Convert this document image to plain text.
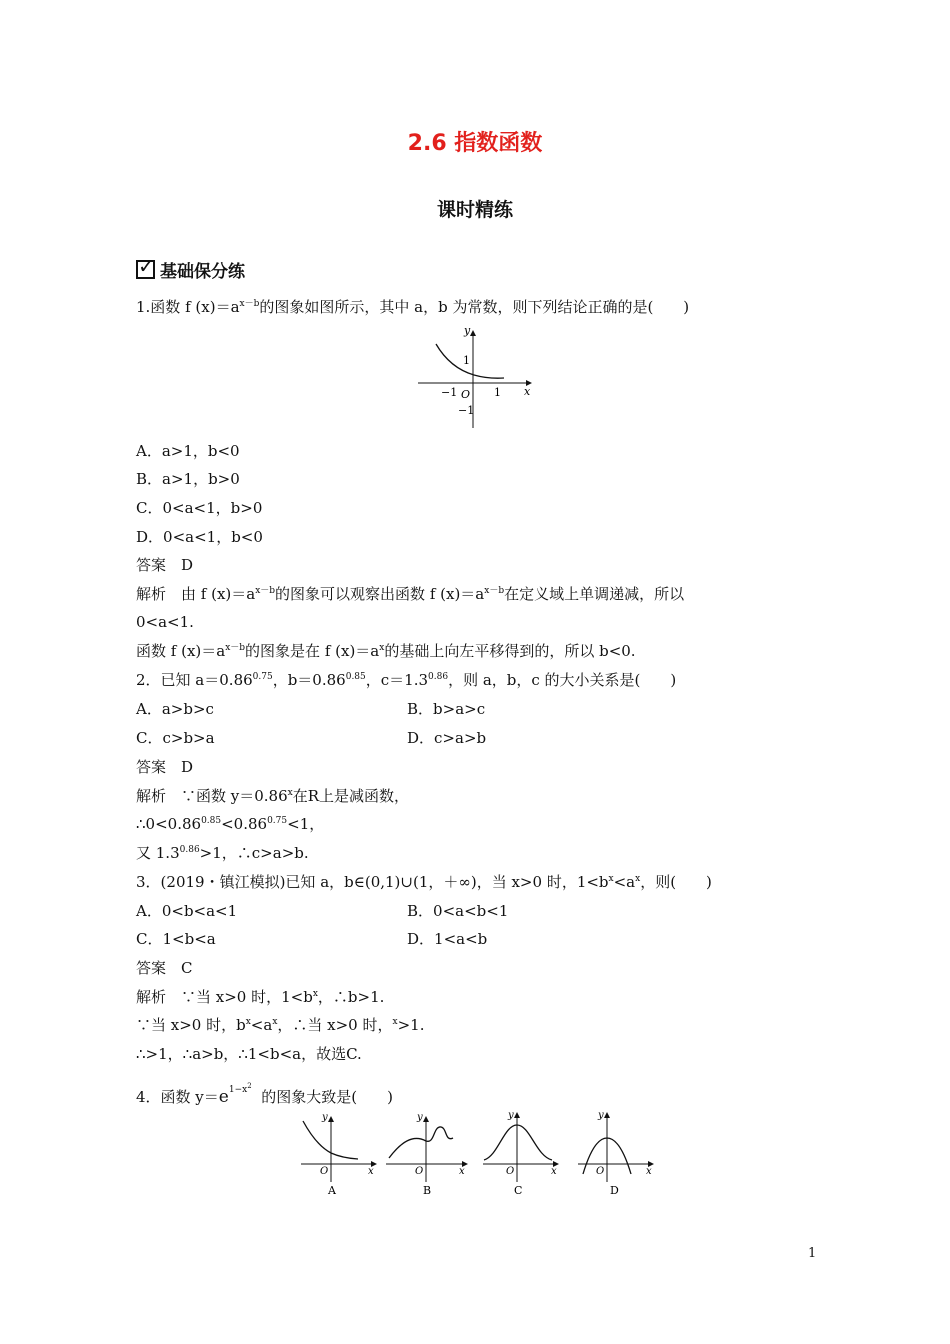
2.6 指数函数
课时精练
✓ 基础保分练
1.函数 f $(x)=a^{x-b}$的图象如图所示，其中 a，b 为常数，则下列结论正确的是(　　)
y
x
1
−1 O 1
−1
A．a>1，b<0
B．a>1，b>0
C．0<a<1，b>0
D．0<a<1，b<0
答案　D
解析　由 f $(x)=a^{x-b}$的图象可以观察出函数 f $(x)=a^{x-b}$在定义域上单调递减，所以
0<a<1.
函数 f $(x)=a^{x-b}$的图象是在 f $(x)=a^x$的基础上向左平移得到的，所以 b<0.
2．已知 $a=0.86^{0.75}$，$b=0.86^{0.85}$，$c=1.3^{0.86}$，则 a，b，c 的大小关系是(　　)
A．a>b>c	B．b>a>c
C．c>b>a	D．c>a>b
答案　D
解析　∵函数 $y=0.86^x$在R上是减函数，
$\therefore 0<0.86^{0.85}<0.86^{0.75}<1$，
又 $1.3^{0.86}>1$，∴c>a>b.
3．(2019・镇江模拟)已知 a，b∈(0,1)∪(1，＋∞)，当 x>0 时，$1<b^x<a^x$，则(　　)
A．0<b<a<1	B．0<a<b<1
C．1<b<a	D．1<a<b
答案　C
解析　∵当 x>0 时，$1<b^x$，∴b>1.
∵当 x>0 时，$b^x<a^x$，∴当 x>0 时，$^x$>1.
∴>1，∴a>b，∴1<b<a，故选C.
4．函数 $y=e^{1-x^2}$  的图象大致是(　　)
y
x
O
A
y
x
O
B
y
x
O
C
y
x
O
D
1
